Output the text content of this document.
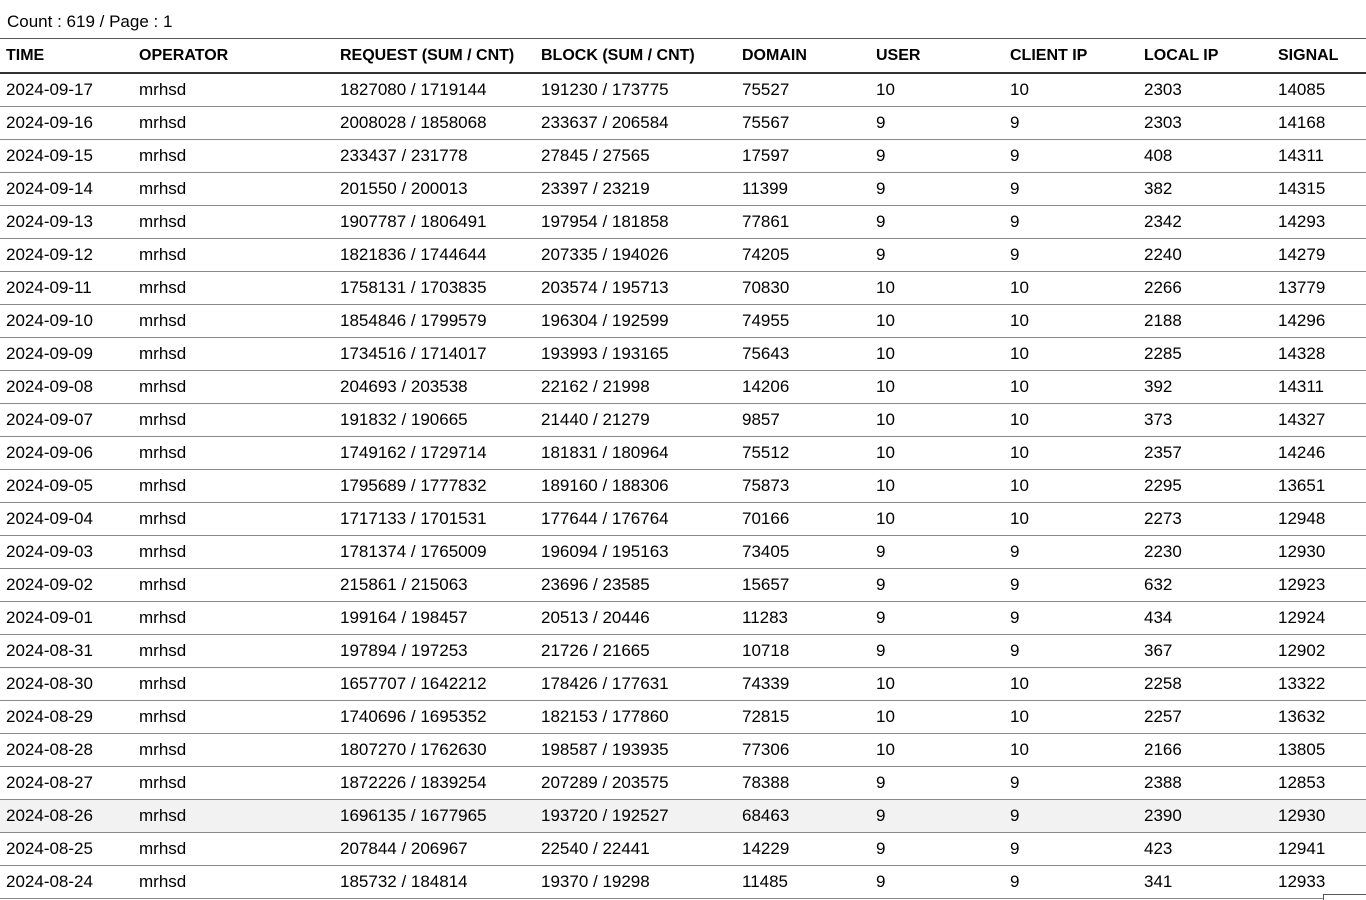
Count : 619 / Page : 1
TIME	OPERATOR	REQUEST (SUM / CNT)	BLOCK (SUM / CNT)	DOMAIN	USER	CLIENT IP	LOCAL IP	SIGNAL
2024-09-17	mrhsd	1827080 / 1719144	191230 / 173775	75527	10	10	2303	14085
2024-09-16	mrhsd	2008028 / 1858068	233637 / 206584	75567	9	9	2303	14168
2024-09-15	mrhsd	233437 / 231778	27845 / 27565	17597	9	9	408	14311
2024-09-14	mrhsd	201550 / 200013	23397 / 23219	11399	9	9	382	14315
2024-09-13	mrhsd	1907787 / 1806491	197954 / 181858	77861	9	9	2342	14293
2024-09-12	mrhsd	1821836 / 1744644	207335 / 194026	74205	9	9	2240	14279
2024-09-11	mrhsd	1758131 / 1703835	203574 / 195713	70830	10	10	2266	13779
2024-09-10	mrhsd	1854846 / 1799579	196304 / 192599	74955	10	10	2188	14296
2024-09-09	mrhsd	1734516 / 1714017	193993 / 193165	75643	10	10	2285	14328
2024-09-08	mrhsd	204693 / 203538	22162 / 21998	14206	10	10	392	14311
2024-09-07	mrhsd	191832 / 190665	21440 / 21279	9857	10	10	373	14327
2024-09-06	mrhsd	1749162 / 1729714	181831 / 180964	75512	10	10	2357	14246
2024-09-05	mrhsd	1795689 / 1777832	189160 / 188306	75873	10	10	2295	13651
2024-09-04	mrhsd	1717133 / 1701531	177644 / 176764	70166	10	10	2273	12948
2024-09-03	mrhsd	1781374 / 1765009	196094 / 195163	73405	9	9	2230	12930
2024-09-02	mrhsd	215861 / 215063	23696 / 23585	15657	9	9	632	12923
2024-09-01	mrhsd	199164 / 198457	20513 / 20446	11283	9	9	434	12924
2024-08-31	mrhsd	197894 / 197253	21726 / 21665	10718	9	9	367	12902
2024-08-30	mrhsd	1657707 / 1642212	178426 / 177631	74339	10	10	2258	13322
2024-08-29	mrhsd	1740696 / 1695352	182153 / 177860	72815	10	10	2257	13632
2024-08-28	mrhsd	1807270 / 1762630	198587 / 193935	77306	10	10	2166	13805
2024-08-27	mrhsd	1872226 / 1839254	207289 / 203575	78388	9	9	2388	12853
2024-08-26	mrhsd	1696135 / 1677965	193720 / 192527	68463	9	9	2390	12930
2024-08-25	mrhsd	207844 / 206967	22540 / 22441	14229	9	9	423	12941
2024-08-24	mrhsd	185732 / 184814	19370 / 19298	11485	9	9	341	12933
